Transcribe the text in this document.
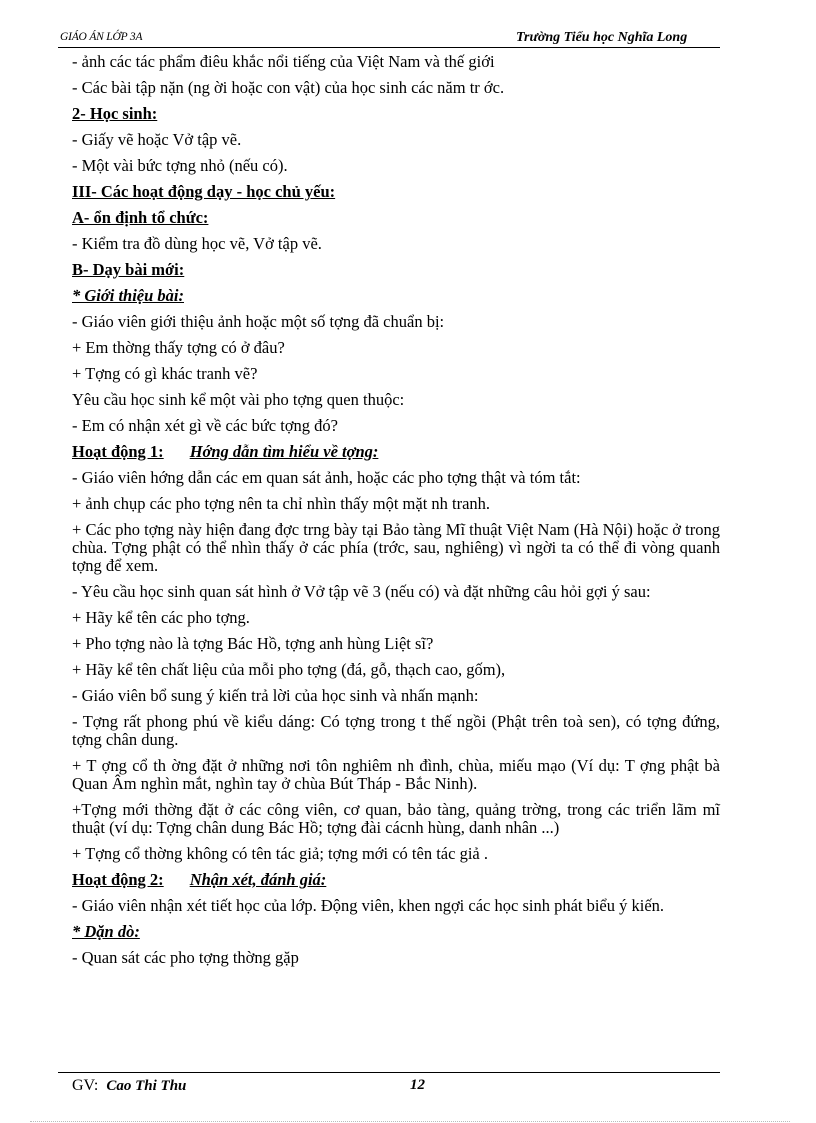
GIÁO ÁN LỚP 3A	Trường Tiểu học Nghĩa Long

- ảnh các tác phẩm điêu khắc nổi tiếng của Việt Nam và thế giới

- Các bài tập nặn (ng ời hoặc con vật) của học sinh các năm tr ớc.

2- Học sinh:

- Giấy vẽ hoặc Vở tập vẽ.

- Một vài bức tợng nhỏ (nếu có).

III- Các hoạt động dạy - học chủ yếu:

A- ổn định tổ chức:

- Kiểm tra đồ dùng học vẽ, Vở tập vẽ.

B- Dạy bài mới:

* Giới thiệu bài:

- Giáo viên giới thiệu ảnh hoặc một số tợng đã chuẩn bị:

+ Em thờng thấy tợng có ở đâu?

+ Tợng có gì khác tranh vẽ?

Yêu cầu học sinh kể một vài pho tợng quen thuộc:

- Em có nhận xét gì về các bức tợng đó?

Hoạt động 1: Hớng dẫn tìm hiểu về tợng:

- Giáo viên hớng dẫn các em quan sát ảnh, hoặc các pho tợng thật và tóm tắt:

+ ảnh chụp các pho tợng nên ta chỉ nhìn thấy một mặt nh tranh.

+ Các pho tợng này hiện đang đợc trng bày tại Bảo tàng Mĩ thuật Việt Nam (Hà Nội) hoặc ở trong chùa. Tợng phật có thể nhìn thấy ở các phía (trớc, sau, nghiêng) vì ngời ta có thể đi vòng quanh tợng để xem.

- Yêu cầu học sinh quan sát hình ở Vở tập vẽ 3 (nếu có) và đặt những câu hỏi gợi ý sau:

+ Hãy kể tên các pho tợng.

+ Pho tợng nào là tợng Bác Hồ, tợng anh hùng Liệt sĩ?

+ Hãy kể tên chất liệu của mỗi pho tợng (đá, gỗ, thạch cao, gốm),

- Giáo viên bổ sung ý kiến trả lời của học sinh và nhấn mạnh:

- Tợng rất phong phú về kiểu dáng: Có tợng trong t thế ngồi (Phật trên toà sen), có tợng đứng, tợng chân dung.

+ T ợng cổ th ờng đặt ở những nơi tôn nghiêm nh đình, chùa, miếu mạo (Ví dụ: T ợng phật bà Quan Âm nghìn mắt, nghìn tay ở chùa Bút Tháp - Bắc Ninh).

+Tợng mới thờng đặt ở các công viên, cơ quan, bảo tàng, quảng trờng, trong các triển lãm mĩ thuật (ví dụ: Tợng chân dung Bác Hồ; tợng đài cácnh hùng, danh nhân ...)

+ Tợng cổ thờng không có tên tác giả; tợng mới có tên tác giả .

Hoạt động 2: Nhận xét, đánh giá:

- Giáo viên nhận xét tiết học của lớp. Động viên, khen ngợi các học sinh phát biểu ý kiến.

* Dặn dò:

- Quan sát các pho tợng thờng gặp

GV: Cao Thi Thu	12
